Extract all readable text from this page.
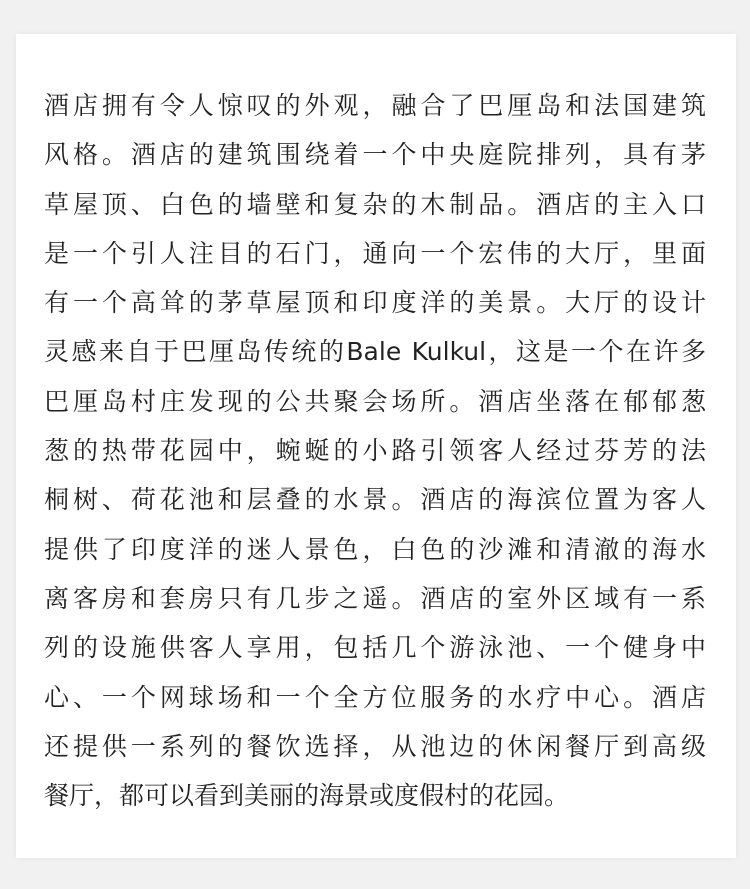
酒店拥有令人惊叹的外观，融合了巴厘岛和法国建筑
风格。酒店的建筑围绕着一个中央庭院排列，具有茅
草屋顶、白色的墙壁和复杂的木制品。酒店的主入口
是一个引人注目的石门，通向一个宏伟的大厅，里面
有一个高耸的茅草屋顶和印度洋的美景。大厅的设计
灵感来自于巴厘岛传统的Bale Kulkul，这是一个在许多
巴厘岛村庄发现的公共聚会场所。酒店坐落在郁郁葱
葱的热带花园中，蜿蜒的小路引领客人经过芬芳的法
桐树、荷花池和层叠的水景。酒店的海滨位置为客人
提供了印度洋的迷人景色，白色的沙滩和清澈的海水
离客房和套房只有几步之遥。酒店的室外区域有一系
列的设施供客人享用，包括几个游泳池、一个健身中
心、一个网球场和一个全方位服务的水疗中心。酒店
还提供一系列的餐饮选择，从池边的休闲餐厅到高级
餐厅，都可以看到美丽的海景或度假村的花园。
